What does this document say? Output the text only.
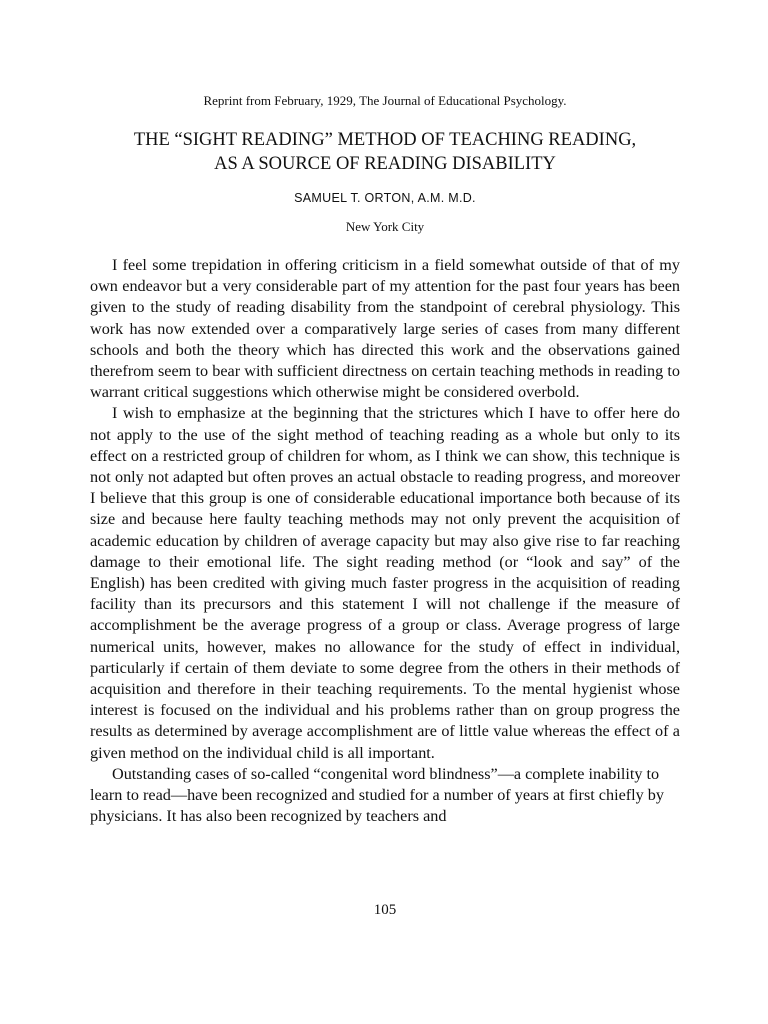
Reprint from February, 1929, The Journal of Educational Psychology.
THE “SIGHT READING” METHOD OF TEACHING READING,
AS A SOURCE OF READING DISABILITY
SAMUEL T. ORTON, A.M. M.D.
New York City

I feel some trepidation in offering criticism in a field somewhat outside of that of my own endeavor but a very considerable part of my attention for the past four years has been given to the study of reading disability from the standpoint of cerebral physiology. This work has now extended over a comparatively large series of cases from many different schools and both the theory which has directed this work and the observations gained therefrom seem to bear with sufficient directness on certain teaching methods in reading to warrant critical suggestions which otherwise might be considered overbold.

I wish to emphasize at the beginning that the strictures which I have to offer here do not apply to the use of the sight method of teaching reading as a whole but only to its effect on a restricted group of children for whom, as I think we can show, this technique is not only not adapted but often proves an actual obstacle to reading progress, and moreover I believe that this group is one of considerable educational importance both because of its size and because here faulty teaching methods may not only prevent the acquisition of academic education by children of average capacity but may also give rise to far reaching damage to their emotional life. The sight reading method (or “look and say” of the English) has been credited with giving much faster progress in the acquisition of reading facility than its precursors and this statement I will not challenge if the measure of accomplishment be the average progress of a group or class. Average progress of large numerical units, however, makes no allowance for the study of effect in individual, particularly if certain of them deviate to some degree from the others in their methods of acquisition and therefore in their teaching requirements. To the mental hygienist whose interest is focused on the individual and his problems rather than on group progress the results as determined by average accomplishment are of little value whereas the effect of a given method on the individual child is all important.

Outstanding cases of so-called “congenital word blindness”—a complete inability to learn to read—have been recognized and studied for a number of years at first chiefly by physicians. It has also been recognized by teachers and

105
